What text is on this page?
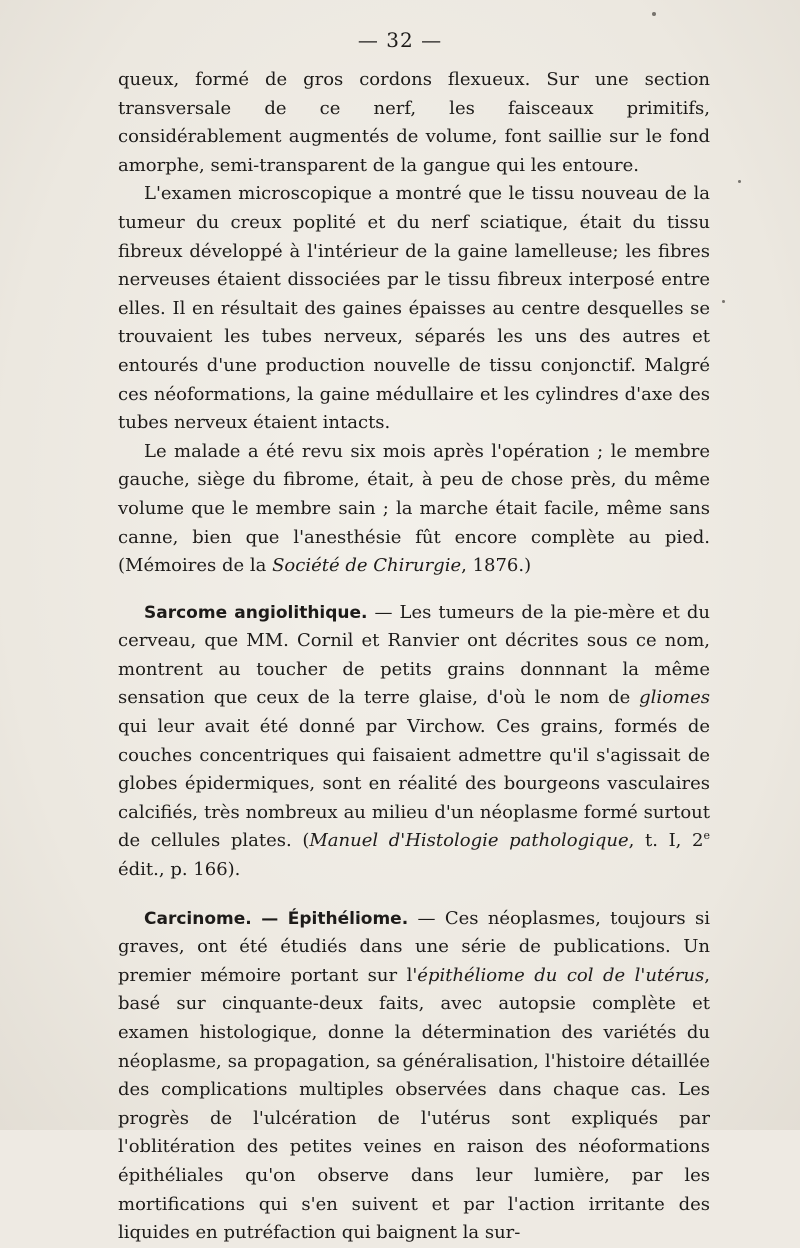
— 32 —

queux, formé de gros cordons flexueux. Sur une section transversale de ce nerf, les faisceaux primitifs, considérablement augmentés de volume, font saillie sur le fond amorphe, semi-transparent de la gangue qui les entoure.

L'examen microscopique a montré que le tissu nouveau de la tumeur du creux poplité et du nerf sciatique, était du tissu fibreux développé à l'intérieur de la gaine lamelleuse; les fibres nerveuses étaient dissociées par le tissu fibreux interposé entre elles. Il en résultait des gaines épaisses au centre desquelles se trouvaient les tubes nerveux, séparés les uns des autres et entourés d'une production nouvelle de tissu conjonctif. Malgré ces néoformations, la gaine médullaire et les cylindres d'axe des tubes nerveux étaient intacts.

Le malade a été revu six mois après l'opération ; le membre gauche, siège du fibrome, était, à peu de chose près, du même volume que le membre sain ; la marche était facile, même sans canne, bien que l'anesthésie fût encore complète au pied. (Mémoires de la Société de Chirurgie, 1876.)

Sarcome angiolithique. — Les tumeurs de la pie-mère et du cerveau, que MM. Cornil et Ranvier ont décrites sous ce nom, montrent au toucher de petits grains donnnant la même sensation que ceux de la terre glaise, d'où le nom de gliomes qui leur avait été donné par Virchow. Ces grains, formés de couches concentriques qui faisaient admettre qu'il s'agissait de globes épidermiques, sont en réalité des bourgeons vasculaires calcifiés, très nombreux au milieu d'un néoplasme formé surtout de cellules plates. (Manuel d'Histologie pathologique, t. I, 2e édit., p. 166).

Carcinome. — Épithéliome. — Ces néoplasmes, toujours si graves, ont été étudiés dans une série de publications. Un premier mémoire portant sur l'épithéliome du col de l'utérus, basé sur cinquante-deux faits, avec autopsie complète et examen histologique, donne la détermination des variétés du néoplasme, sa propagation, sa généralisation, l'histoire détaillée des complications multiples observées dans chaque cas. Les progrès de l'ulcération de l'utérus sont expliqués par l'oblitération des petites veines en raison des néoformations épithéliales qu'on observe dans leur lumière, par les mortifications qui s'en suivent et par l'action irritante des liquides en putréfaction qui baignent la sur-
